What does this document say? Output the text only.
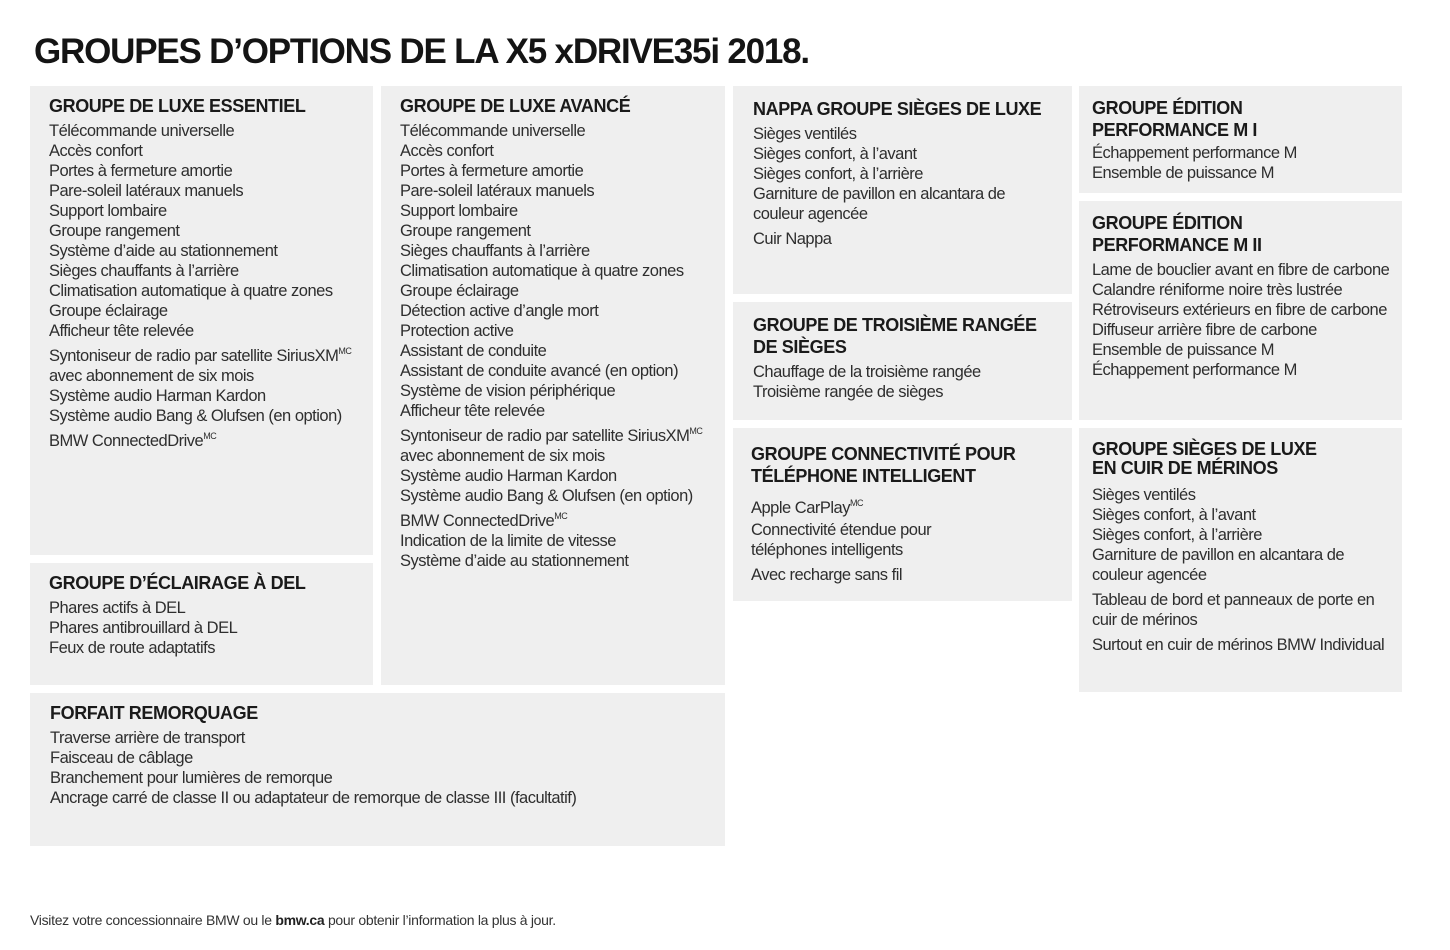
GROUPES D’OPTIONS DE LA X5 xDRIVE35i 2018.
GROUPE DE LUXE ESSENTIEL
Télécommande universelle
Accès confort
Portes à fermeture amortie
Pare-soleil latéraux manuels
Support lombaire
Groupe rangement
Système d’aide au stationnement
Sièges chauffants à l’arrière
Climatisation automatique à quatre zones
Groupe éclairage
Afficheur tête relevée
Syntoniseur de radio par satellite SiriusXM$^{MC}$
avec abonnement de six mois
Système audio Harman Kardon
Système audio Bang & Olufsen (en option)
BMW ConnectedDrive$^{MC}$
GROUPE D’ÉCLAIRAGE À DEL
Phares actifs à DEL
Phares antibrouillard à DEL
Feux de route adaptatifs
GROUPE DE LUXE AVANCÉ
Télécommande universelle
Accès confort
Portes à fermeture amortie
Pare-soleil latéraux manuels
Support lombaire
Groupe rangement
Sièges chauffants à l’arrière
Climatisation automatique à quatre zones
Groupe éclairage
Détection active d’angle mort
Protection active
Assistant de conduite
Assistant de conduite avancé (en option)
Système de vision périphérique
Afficheur tête relevée
Syntoniseur de radio par satellite SiriusXM$^{MC}$
avec abonnement de six mois
Système audio Harman Kardon
Système audio Bang & Olufsen (en option)
BMW ConnectedDrive$^{MC}$
Indication de la limite de vitesse
Système d’aide au stationnement
FORFAIT REMORQUAGE
Traverse arrière de transport
Faisceau de câblage
Branchement pour lumières de remorque
Ancrage carré de classe II ou adaptateur de remorque de classe III (facultatif)
NAPPA GROUPE SIÈGES DE LUXE
Sièges ventilés
Sièges confort, à l’avant
Sièges confort, à l’arrière
Garniture de pavillon en alcantara de
couleur agencée
Cuir Nappa
GROUPE DE TROISIÈME RANGÉE
DE SIÈGES
Chauffage de la troisième rangée
Troisième rangée de sièges
GROUPE CONNECTIVITÉ POUR
TÉLÉPHONE INTELLIGENT
Apple CarPlay$^{MC}$
Connectivité étendue pour
téléphones intelligents
Avec recharge sans fil
GROUPE ÉDITION
PERFORMANCE M I
Échappement performance M
Ensemble de puissance M
GROUPE ÉDITION
PERFORMANCE M II
Lame de bouclier avant en fibre de carbone
Calandre réniforme noire très lustrée
Rétroviseurs extérieurs en fibre de carbone
Diffuseur arrière fibre de carbone
Ensemble de puissance M
Échappement performance M
GROUPE SIÈGES DE LUXE
EN CUIR DE MÉRINOS
Sièges ventilés
Sièges confort, à l’avant
Sièges confort, à l’arrière
Garniture de pavillon en alcantara de
couleur agencée
Tableau de bord et panneaux de porte en
cuir de mérinos
Surtout en cuir de mérinos BMW Individual
Visitez votre concessionnaire BMW ou le bmw.ca pour obtenir l’information la plus à jour.
